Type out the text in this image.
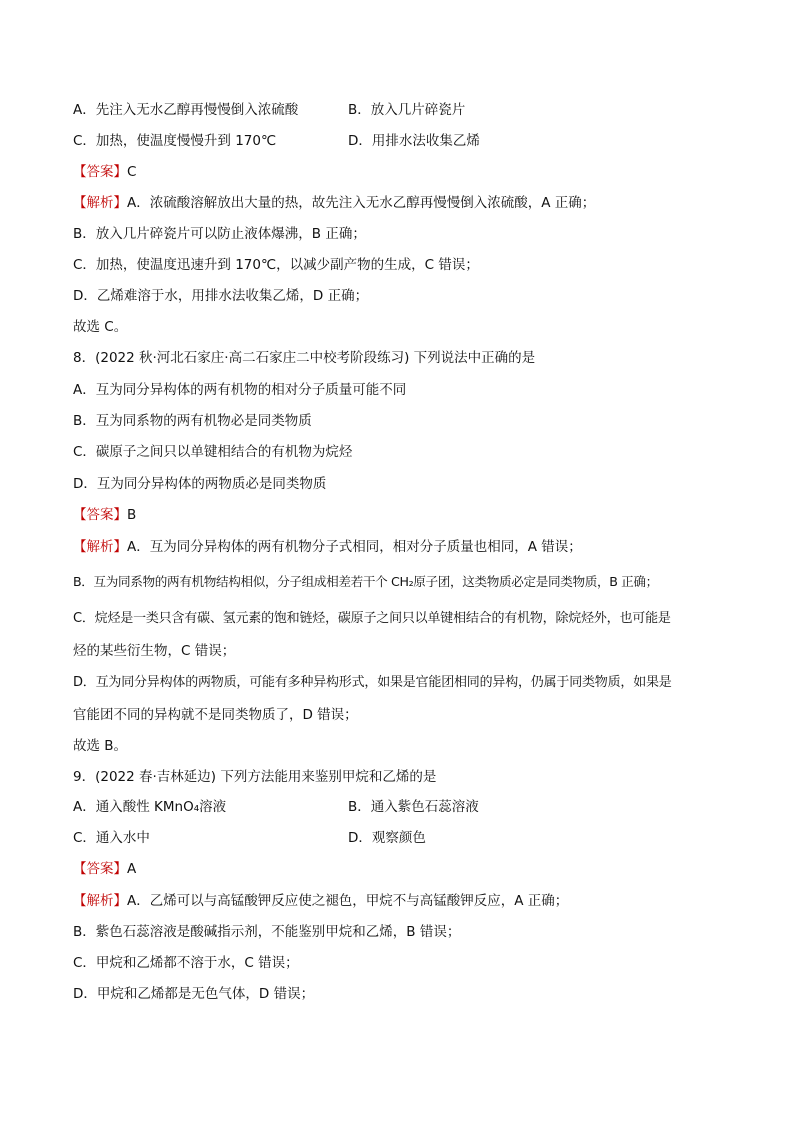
A．先注入无水乙醇再慢慢倒入浓硫酸	B．放入几片碎瓷片
C．加热，使温度慢慢升到 170℃	D．用排水法收集乙烯
【答案】C
【解析】A．浓硫酸溶解放出大量的热，故先注入无水乙醇再慢慢倒入浓硫酸，A 正确；
B．放入几片碎瓷片可以防止液体爆沸，B 正确；
C．加热，使温度迅速升到 170℃，以减少副产物的生成，C 错误；
D．乙烯难溶于水，用排水法收集乙烯，D 正确；
故选 C。
8．(2022 秋·河北石家庄·高二石家庄二中校考阶段练习) 下列说法中正确的是
A．互为同分异构体的两有机物的相对分子质量可能不同
B．互为同系物的两有机物必是同类物质
C．碳原子之间只以单键相结合的有机物为烷烃
D．互为同分异构体的两物质必是同类物质
【答案】B
【解析】A．互为同分异构体的两有机物分子式相同，相对分子质量也相同，A 错误；
B．互为同系物的两有机物结构相似，分子组成相差若干个 CH₂原子团，这类物质必定是同类物质，B 正确；
C．烷烃是一类只含有碳、氢元素的饱和链烃，碳原子之间只以单键相结合的有机物，除烷烃外，也可能是
烃的某些衍生物，C 错误；
D．互为同分异构体的两物质，可能有多种异构形式，如果是官能团相同的异构，仍属于同类物质，如果是
官能团不同的异构就不是同类物质了，D 错误；
故选 B。
9．(2022 春·吉林延边) 下列方法能用来鉴别甲烷和乙烯的是
A．通入酸性 KMnO₄溶液	B．通入紫色石蕊溶液
C．通入水中	D．观察颜色
【答案】A
【解析】A．乙烯可以与高锰酸钾反应使之褪色，甲烷不与高锰酸钾反应，A 正确；
B．紫色石蕊溶液是酸碱指示剂，不能鉴别甲烷和乙烯，B 错误；
C．甲烷和乙烯都不溶于水，C 错误；
D．甲烷和乙烯都是无色气体，D 错误；
